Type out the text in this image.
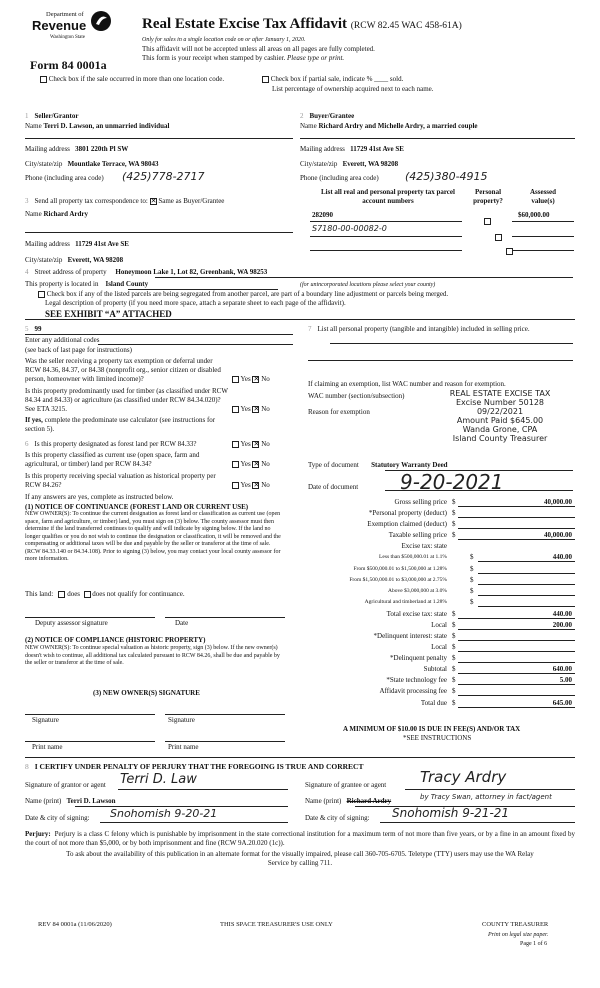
Department of
Revenue
Washington State
Form 84 0001a
Real Estate Excise Tax Affidavit (RCW 82.45 WAC 458-61A)
Only for sales in a single location code on or after January 1, 2020.
This affidavit will not be accepted unless all areas on all pages are fully completed.
This form is your receipt when stamped by cashier. Please type or print.
Check box if the sale occurred in more than one location code.	Check box if partial sale, indicate % ____ sold.
List percentage of ownership acquired next to each name.
1 Seller/Grantor
Name Terri D. Lawson, an unmarried individual
Mailing address 3801 220th Pl SW
City/state/zip Mountlake Terrace, WA 98043
Phone (including area code) (425)778-2717
2 Buyer/Grantee
Name Richard Ardry and Michelle Ardry, a married couple
Mailing address 11729 41st Ave SE
City/state/zip Everett, WA 98208
Phone (including area code) (425)380-4915
3 Send all property tax correspondence to: ✕ Same as Buyer/Grantee
Name Richard Ardry
Mailing address 11729 41st Ave SE
City/state/zip Everett, WA 98208
List all real and personal property tax parcel account numbers
Personal property?
Assessed value(s)
282090
	$60,000.00
S7180-00-00082-0

4 Street address of property Honeymoon Lake 1, Lot 82, Greenbank, WA 98253
This property is located in Island County	(for unincorporated locations please select your county)
Check box if any of the listed parcels are being segregated from another parcel, are part of a boundary line adjustment or parcels being merged.
Legal description of property (if you need more space, attach a separate sheet to each page of the affidavit).
SEE EXHIBIT “A” ATTACHED
5 99
Enter any additional codes
(see back of last page for instructions)
Was the seller receiving a property tax exemption or deferral under RCW 84.36, 84.37, or 84.38 (nonprofit org., senior citizen or disabled person, homeowner with limited income)?	Yes ✕ No
Is this property predominantly used for timber (as classified under RCW 84.34 and 84.33) or agriculture (as classified under RCW 84.34.020)? See ETA 3215.	Yes ✕ No
If yes, complete the predominate use calculator (see instructions for section 5).
6 Is this property designated as forest land per RCW 84.33?	Yes ✕ No
Is this property classified as current use (open space, farm and agricultural, or timber) land per RCW 84.34?	Yes ✕ No
Is this property receiving special valuation as historical property per RCW 84.26?	Yes ✕ No
If any answers are yes, complete as instructed below.
(1) NOTICE OF CONTINUANCE (FOREST LAND OR CURRENT USE)
NEW OWNER(S): To continue the current designation as forest land or classification as current use (open space, farm and agriculture, or timber) land, you must sign on (3) below. The county assessor must then determine if the land transferred continues to qualify and will indicate by signing below. If the land no longer qualifies or you do not wish to continue the designation or classification, it will be removed and the compensating or additional taxes will be due and payable by the seller or transferor at the time of sale. (RCW 84.33.140 or 84.34.108). Prior to signing (3) below, you may contact your local county assessor for more information.
This land: does does not qualify for continuance.
Deputy assessor signature	Date
(2) NOTICE OF COMPLIANCE (HISTORIC PROPERTY)
NEW OWNER(S): To continue special valuation as historic property, sign (3) below. If the new owner(s) doesn't wish to continue, all additional tax calculated pursuant to RCW 84.26, shall be due and payable by the seller or transferor at the time of sale.
(3) NEW OWNER(S) SIGNATURE
Signature	Signature
Print name	Print name
7 List all personal property (tangible and intangible) included in selling price.
If claiming an exemption, list WAC number and reason for exemption.
WAC number (section/subsection)
Reason for exemption
REAL ESTATE EXCISE TAX
Excise Number 50128
09/22/2021
Amount Paid $645.00
Wanda Grone, CPA
Island County Treasurer
Type of document Statutory Warranty Deed
Date of document 9-20-2021
Gross selling price $	40,000.00
*Personal property (deduct) $
Exemption claimed (deduct) $
Taxable selling price $	40,000.00
Excise tax: state
Less than $500,000.01 at 1.1%	$	440.00
From $500,000.01 to $1,500,000 at 1.28%	$
From $1,500,000.01 to $3,000,000 at 2.75%	$
Above $3,000,000 at 3.0%	$
Agricultural and timberland at 1.28%	$
Total excise tax: state $	440.00
Local $	200.00
*Delinquent interest: state $
Local $
*Delinquent penalty $
Subtotal $	640.00
*State technology fee $	5.00
Affidavit processing fee $
Total due $	645.00
A MINIMUM OF $10.00 IS DUE IN FEE(S) AND/OR TAX
*SEE INSTRUCTIONS
8 I CERTIFY UNDER PENALTY OF PERJURY THAT THE FOREGOING IS TRUE AND CORRECT
Signature of grantor or agent Terri D. Law
Name (print) Terri D. Lawson
Date & city of signing: Snohomish 9-20-21
Signature of grantee or agent Tracy Ardry
Name (print) Richard Ardry	by Tracy Swan, attorney in fact/agent
Date & city of signing: Snohomish 9-21-21
Perjury: Perjury is a class C felony which is punishable by imprisonment in the state correctional institution for a maximum term of not more than five years, or by a fine in an amount fixed by the court of not more than $5,000, or by both imprisonment and fine (RCW 9A.20.020 (1c)).
To ask about the availability of this publication in an alternate format for the visually impaired, please call 360-705-6705. Teletype (TTY) users may use the WA Relay Service by calling 711.
REV 84 0001a (11/06/2020)	THIS SPACE TREASURER'S USE ONLY	COUNTY TREASURER
Print on legal size paper.
Page 1 of 6
